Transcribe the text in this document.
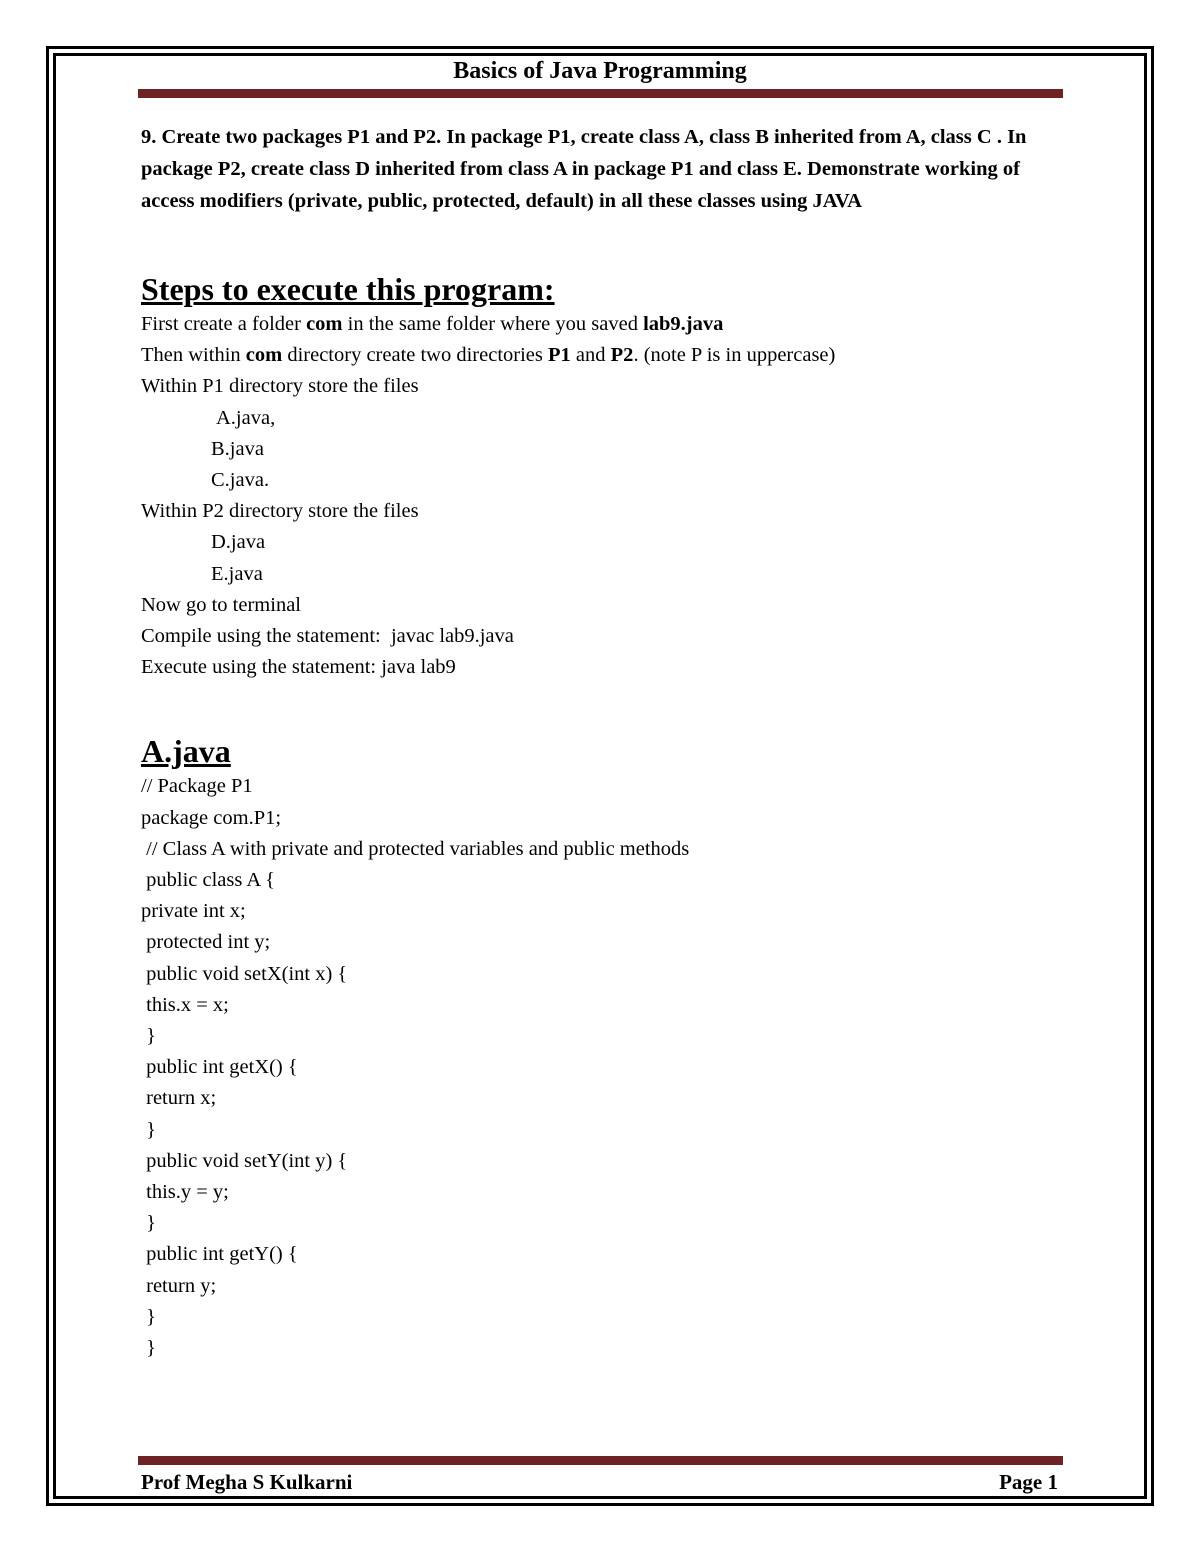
Basics of Java Programming

9. Create two packages P1 and P2. In package P1, create class A, class B inherited from A, class C . In package P2, create class D inherited from class A in package P1 and class E. Demonstrate working of access modifiers (private, public, protected, default) in all these classes using JAVA

Steps to execute this program:

First create a folder com in the same folder where you saved lab9.java

Then within com directory create two directories P1 and P2. (note P is in uppercase)

Within P1 directory store the files

A.java,

B.java

C.java.

Within P2 directory store the files

D.java

E.java

Now go to terminal

Compile using the statement:  javac lab9.java

Execute using the statement: java lab9

A.java

// Package P1

package com.P1;

// Class A with private and protected variables and public methods

public class A {

private int x;

protected int y;

public void setX(int x) {

this.x = x;

}

public int getX() {

return x;

}

public void setY(int y) {

this.y = y;

}

public int getY() {

return y;

}

}

Prof Megha S Kulkarni	Page 1
